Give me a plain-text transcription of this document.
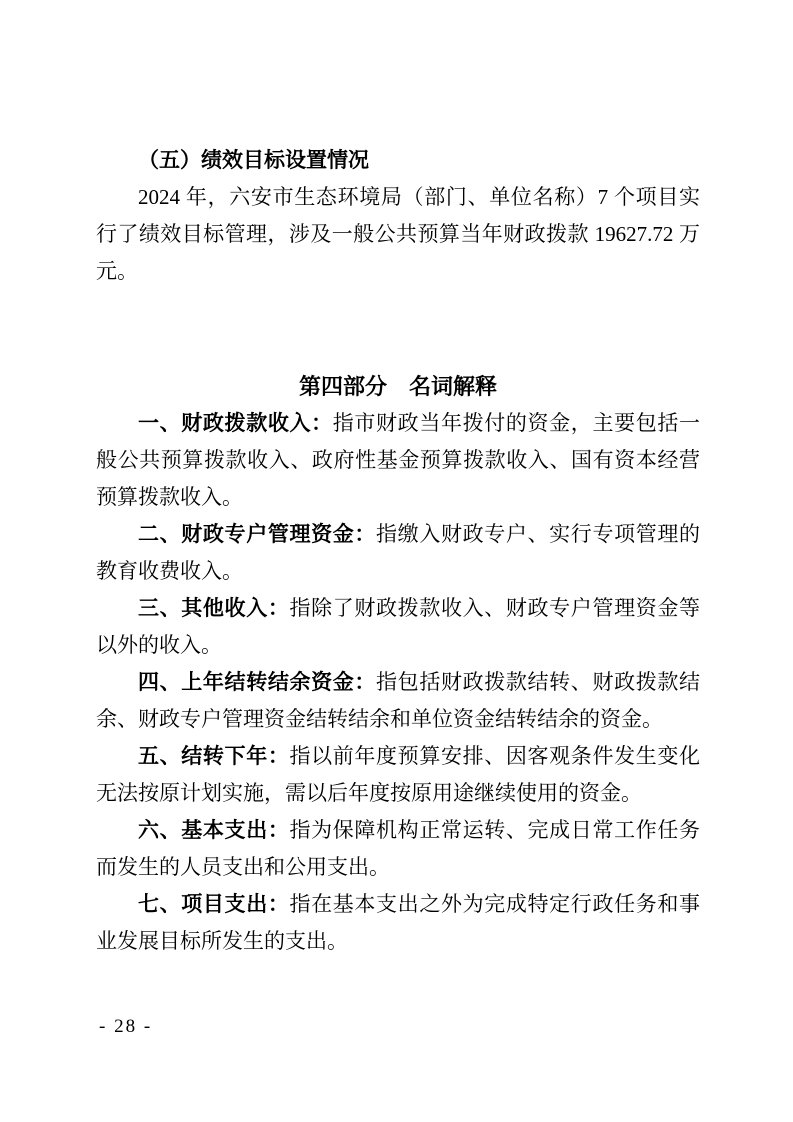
（五）绩效目标设置情况

2024 年，六安市生态环境局（部门、单位名称）7 个项目实行了绩效目标管理，涉及一般公共预算当年财政拨款 19627.72 万元。

第四部分　名词解释

一、财政拨款收入：指市财政当年拨付的资金，主要包括一般公共预算拨款收入、政府性基金预算拨款收入、国有资本经营预算拨款收入。

二、财政专户管理资金：指缴入财政专户、实行专项管理的教育收费收入。

三、其他收入：指除了财政拨款收入、财政专户管理资金等以外的收入。

四、上年结转结余资金：指包括财政拨款结转、财政拨款结余、财政专户管理资金结转结余和单位资金结转结余的资金。

五、结转下年：指以前年度预算安排、因客观条件发生变化无法按原计划实施，需以后年度按原用途继续使用的资金。

六、基本支出：指为保障机构正常运转、完成日常工作任务而发生的人员支出和公用支出。

七、项目支出：指在基本支出之外为完成特定行政任务和事业发展目标所发生的支出。

- 28 -
